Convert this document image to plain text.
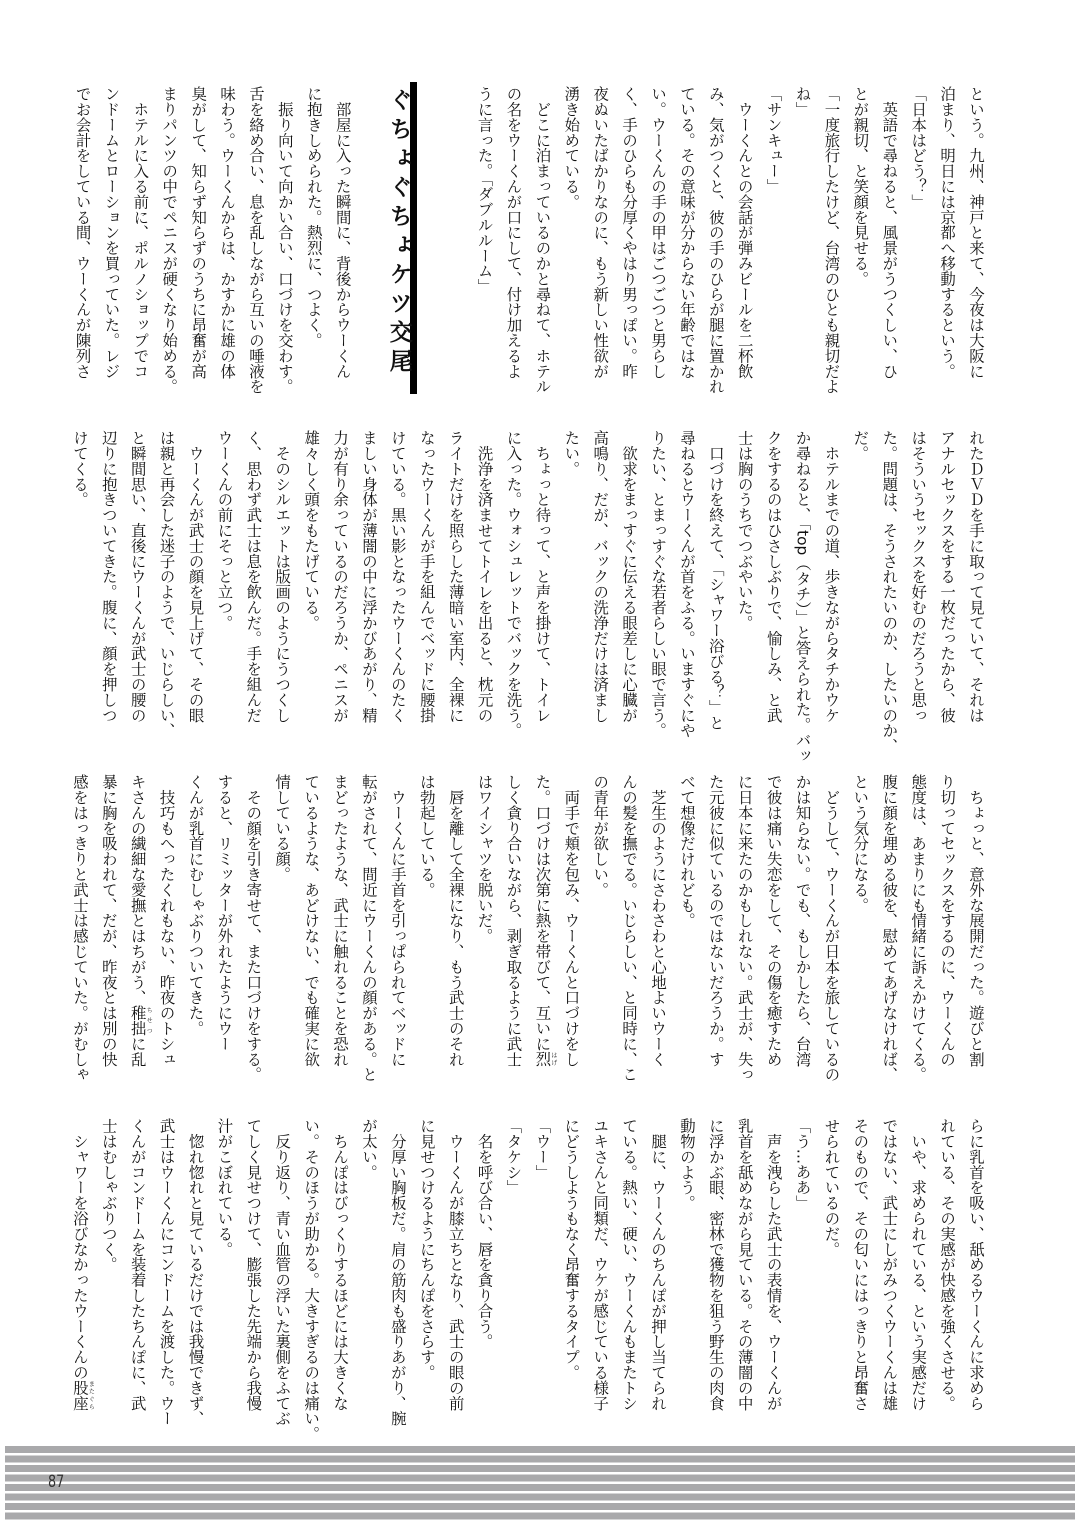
という。九州、神戸と来て、今夜は大阪に

泊まり、明日には京都へ移動するという。

「日本はどう？」

　英語で尋ねると、風景がうつくしい、ひ

とが親切、と笑顔を見せる。

「一度旅行したけど、台湾のひとも親切だよ

ね」

「サンキュー」

　ウーくんとの会話が弾みビールを二杯飲

み、気がつくと、彼の手のひらが腿に置かれ

ている。その意味が分からない年齢ではな

い。ウーくんの手の甲はごつごつと男らし

く、手のひらも分厚くやはり男っぽい。昨

夜ぬいたばかりなのに、もう新しい性欲が

湧き始めている。

　どこに泊まっているのかと尋ねて、ホテル

の名をウーくんが口にして、付け加えるよ

うに言った。「ダブルルーム」

ぐちょぐちょケツ交尾

　部屋に入った瞬間に、背後からウーくん

に抱きしめられた。熱烈に、つよく。

　振り向いて向かい合い、口づけを交わす。

舌を絡め合い、息を乱しながら互いの唾液を

味わう。ウーくんからは、かすかに雄の体

臭がして、知らず知らずのうちに昂奮が高

まりパンツの中でペニスが硬くなり始める。

　ホテルに入る前に、ポルノショップでコ

ンドームとローションを買っていた。レジ

でお会計をしている間、ウーくんが陳列さ

れたＤＶＤを手に取って見ていて、それは

アナルセックスをする一枚だったから、彼

はそういうセックスを好むのだろうと思っ

た。問題は、そうされたいのか、したいのか、

だ。

　ホテルまでの道、歩きながらタチかウケ

か尋ねると、「top（タチ）」と答えられた。バッ

クをするのはひさしぶりで、愉しみ、と武

士は胸のうちでつぶやいた。

　口づけを終えて、「シャワー浴びる？」と

尋ねるとウーくんが首をふる。いますぐにや

りたい、とまっすぐな若者らしい眼で言う。

　欲求をまっすぐに伝える眼差しに心臓が

高鳴り、だが、バックの洗浄だけは済まし

たい。

　ちょっと待って、と声を掛けて、トイレ

に入った。ウォシュレットでバックを洗う。

　洗浄を済ませてトイレを出ると、枕元の

ライトだけを照らした薄暗い室内、全裸に

なったウーくんが手を組んでベッドに腰掛

けている。黒い影となったウーくんのたく

ましい身体が薄闇の中に浮かびあがり、精

力が有り余っているのだろうか、ペニスが

雄々しく頭をもたげている。

　そのシルエットは版画のようにうつくし

く、思わず武士は息を飲んだ。手を組んだ

ウーくんの前にそっと立つ。

　ウーくんが武士の顔を見上げて、その眼

は親と再会した迷子のようで、いじらしい、

と瞬間思い、直後にウーくんが武士の腰の

辺りに抱きついてきた。腹に、顔を押しつ

けてくる。

　ちょっと、意外な展開だった。遊びと割

り切ってセックスをするのに、ウーくんの

態度は、あまりにも情緒に訴えかけてくる。

腹に顔を埋める彼を、慰めてあげなければ、

という気分になる。

　どうして、ウーくんが日本を旅しているの

かは知らない。でも、もしかしたら、台湾

で彼は痛い失恋をして、その傷を癒すため

に日本に来たのかもしれない。武士が、失っ

た元彼に似ているのではないだろうか。す

べて想像だけれども。

　芝生のようにさわさわと心地よいウーく

んの髪を撫でる。いじらしい、と同時に、こ

の青年が欲しい。

　両手で頬を包み、ウーくんと口づけをし

た。口づけは次第に熱を帯びて、互いに烈はげ

しく貪り合いながら、剥ぎ取るように武士

はワイシャツを脱いだ。

　唇を離して全裸になり、もう武士のそれ

は勃起している。

　ウーくんに手首を引っぱられてベッドに

転がされて、間近にウーくんの顔がある。と

まどったような、武士に触れることを恐れ

ているような、あどけない、でも確実に欲

情している顔。

　その顔を引き寄せて、また口づけをする。

すると、リミッターが外れたようにウー

くんが乳首にむしゃぶりついてきた。

　技巧もへったくれもない、昨夜のトシュ

キさんの繊細な愛撫とはちがう、稚拙ちせつに乱

暴に胸を吸われて、だが、昨夜とは別の快

感をはっきりと武士は感じていた。がむしゃ

らに乳首を吸い、舐めるウーくんに求めら

れている、その実感が快感を強くさせる。

　いや、求められている、という実感だけ

ではない、武士にしがみつくウーくんは雄

そのもので、その匂いにはっきりと昂奮さ

せられているのだ。

「う…ああ」

　声を洩らした武士の表情を、ウーくんが

乳首を舐めながら見ている。その薄闇の中

に浮かぶ眼、密林で獲物を狙う野生の肉食

動物のよう。

　腿に、ウーくんのちんぽが押し当てられ

ている。熱い、硬い、ウーくんもまたトシ

ユキさんと同類だ、ウケが感じている様子

にどうしようもなく昂奮するタイプ。

「ウー」

「タケシ」

　名を呼び合い、唇を貪り合う。

　ウーくんが膝立ちとなり、武士の眼の前

に見せつけるようにちんぽをさらす。

　分厚い胸板だ。肩の筋肉も盛りあがり、腕

が太い。

　ちんぽはびっくりするほどには大きくな

い。そのほうが助かる。大きすぎるのは痛い。

　反り返り、青い血管の浮いた裏側をふてぶ

てしく見せつけて、膨張した先端から我慢

汁がこぼれている。

　惚れ惚れと見ているだけでは我慢できず、

武士はウーくんにコンドームを渡した。ウー

くんがコンドームを装着したちんぽに、武

士はむしゃぶりつく。

　シャワーを浴びなかったウーくんの股座またぐら

87
